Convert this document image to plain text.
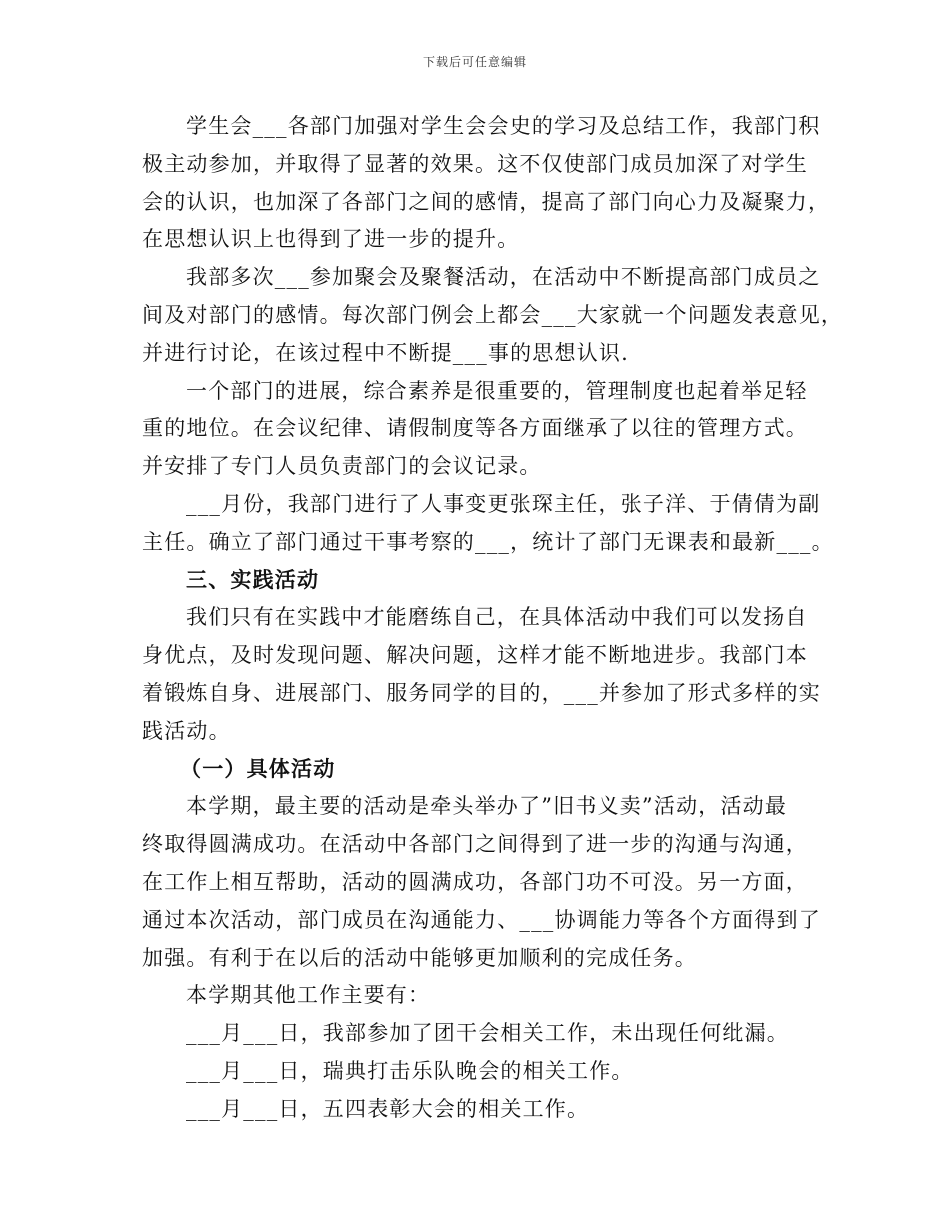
下载后可任意编辑
学生会___各部门加强对学生会会史的学习及总结工作，我部门积
极主动参加，并取得了显著的效果。这不仅使部门成员加深了对学生
会的认识，也加深了各部门之间的感情，提高了部门向心力及凝聚力，
在思想认识上也得到了进一步的提升。
我部多次___参加聚会及聚餐活动，在活动中不断提高部门成员之
间及对部门的感情。每次部门例会上都会___大家就一个问题发表意见，
并进行讨论，在该过程中不断提___事的思想认识.
一个部门的进展，综合素养是很重要的，管理制度也起着举足轻
重的地位。在会议纪律、请假制度等各方面继承了以往的管理方式。
并安排了专门人员负责部门的会议记录。
___月份，我部门进行了人事变更张琛主任，张子洋、于倩倩为副
主任。确立了部门通过干事考察的___，统计了部门无课表和最新___。
三、实践活动
我们只有在实践中才能磨练自己，在具体活动中我们可以发扬自
身优点，及时发现问题、解决问题，这样才能不断地进步。我部门本
着锻炼自身、进展部门、服务同学的目的，___并参加了形式多样的实
践活动。
（一）具体活动
本学期，最主要的活动是牵头举办了”旧书义卖”活动，活动最
终取得圆满成功。在活动中各部门之间得到了进一步的沟通与沟通，
在工作上相互帮助，活动的圆满成功，各部门功不可没。另一方面，
通过本次活动，部门成员在沟通能力、___协调能力等各个方面得到了
加强。有利于在以后的活动中能够更加顺利的完成任务。
本学期其他工作主要有：
___月___日，我部参加了团干会相关工作，未出现任何纰漏。
___月___日，瑞典打击乐队晚会的相关工作。
___月___日，五四表彰大会的相关工作。
